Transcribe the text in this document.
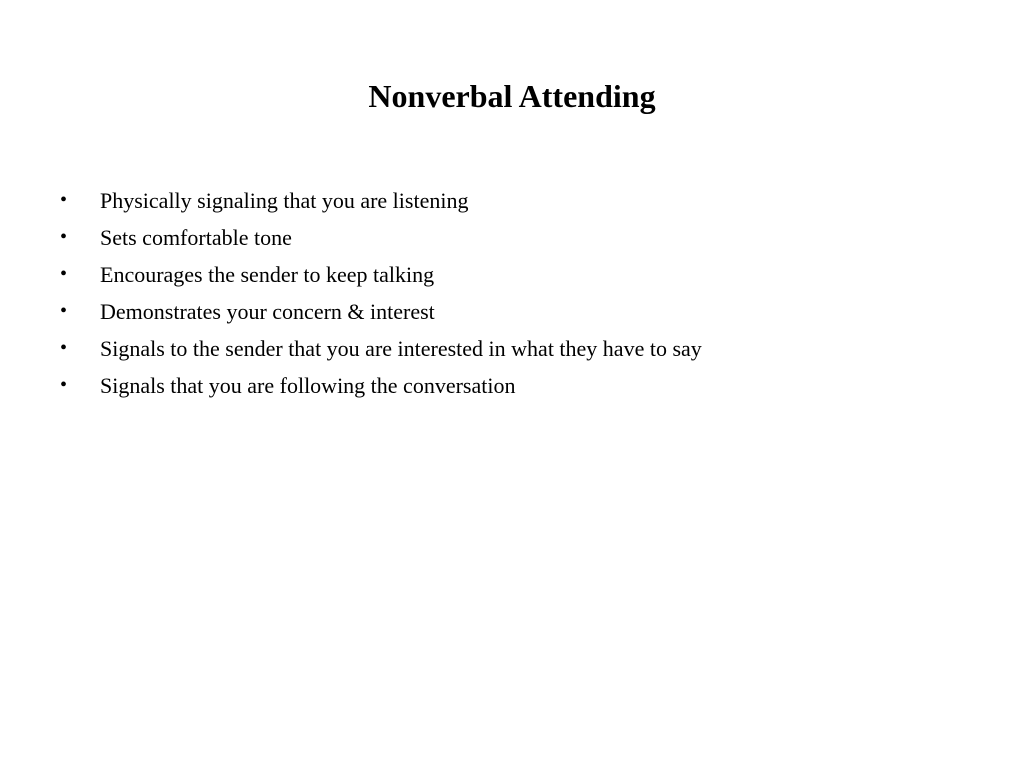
Nonverbal Attending
• Physically signaling that you are listening
• Sets comfortable tone
• Encourages the sender to keep talking
• Demonstrates your concern & interest
• Signals to the sender that you are interested in what they have to say
• Signals that you are following the conversation
